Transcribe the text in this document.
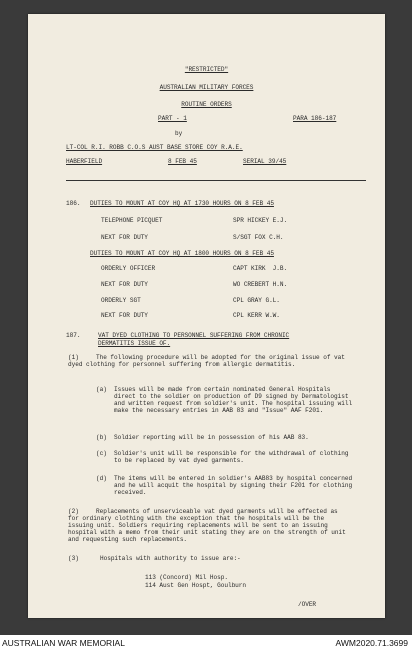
"RESTRICTED"
AUSTRALIAN MILITARY FORCES
ROUTINE ORDERS
PART - 1	PARA 186-187
by
LT-COL R.I. ROBB C.O.S AUST BASE STORE COY R.A.E.
HABERFIELD	8 FEB 45	SERIAL 39/45
186. DUTIES TO MOUNT AT COY HQ AT 1730 HOURS ON 8 FEB 45
TELEPHONE PICQUET	SPR HICKEY E.J.
NEXT FOR DUTY	S/SGT FOX C.H.
DUTIES TO MOUNT AT COY HQ AT 1800 HOURS ON 8 FEB 45
ORDERLY OFFICER	CAPT KIRK  J.B.
NEXT FOR DUTY	WO CREBERT H.N.
ORDERLY SGT	CPL GRAY G.L.
NEXT FOR DUTY	CPL KERR W.W.
187.	VAT DYED CLOTHING TO PERSONNEL SUFFERING FROM CHRONIC
DERMATITIS ISSUE OF.
(1)	The following procedure will be adopted for the original issue of vat dyed clothing for personnel suffering from allergic dermatitis.
(a) Issues will be made from certain nominated General Hospitals direct to the soldier on production of D9 signed by Dermatologist and written request from soldier's unit. The hospital issuing will make the necessary entries in AAB 83 and "Issue" AAF F201.
(b) Soldier reporting will be in possession of his AAB 83.
(c) Soldier's unit will be responsible for the withdrawal of clothing to be replaced by vat dyed garments.
(d) The items will be entered in soldier's AAB83 by hospital concerned and he will acquit the hospital by signing their F201 for clothing received.
(2)	Replacements of unserviceable vat dyed garments will be effected as for ordinary clothing with the exception that the hospitals will be the issuing unit. Soldiers requiring replacements will be sent to an issuing hospital with a memo from their unit stating they are on the strength of unit and requesting such replacements.
(3)	Hospitals with authority to issue are:-
113 (Concord) Mil Hosp.
114 Aust Gen Hospt, Goulburn
/OVER
AUSTRALIAN WAR MEMORIAL	AWM2020.71.3699
